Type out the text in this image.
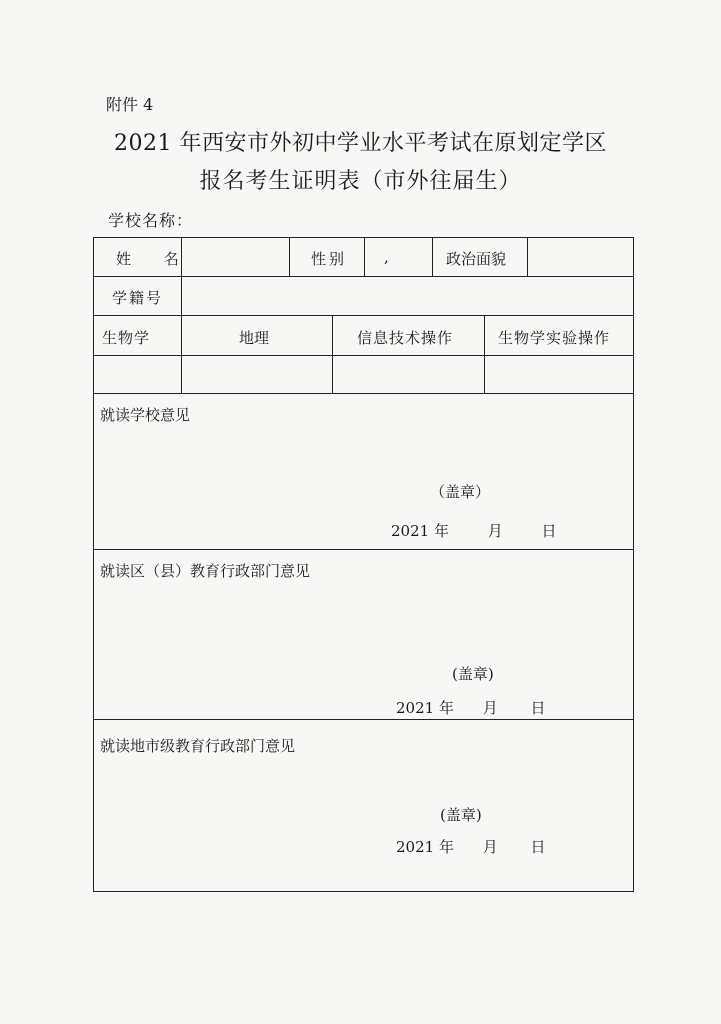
附件 4
2021 年西安市外初中学业水平考试在原划定学区
报名考生证明表（市外往届生）
学校名称：
姓 名	性别 ,	政治面貌
学籍号
生物学	地理	信息技术操作	生物学实验操作
就读学校意见
（盖章）
2021 年	月	日
就读区（县）教育行政部门意见
(盖章)
2021 年 月 日
就读地市级教育行政部门意见
(盖章)
2021 年 月 日
